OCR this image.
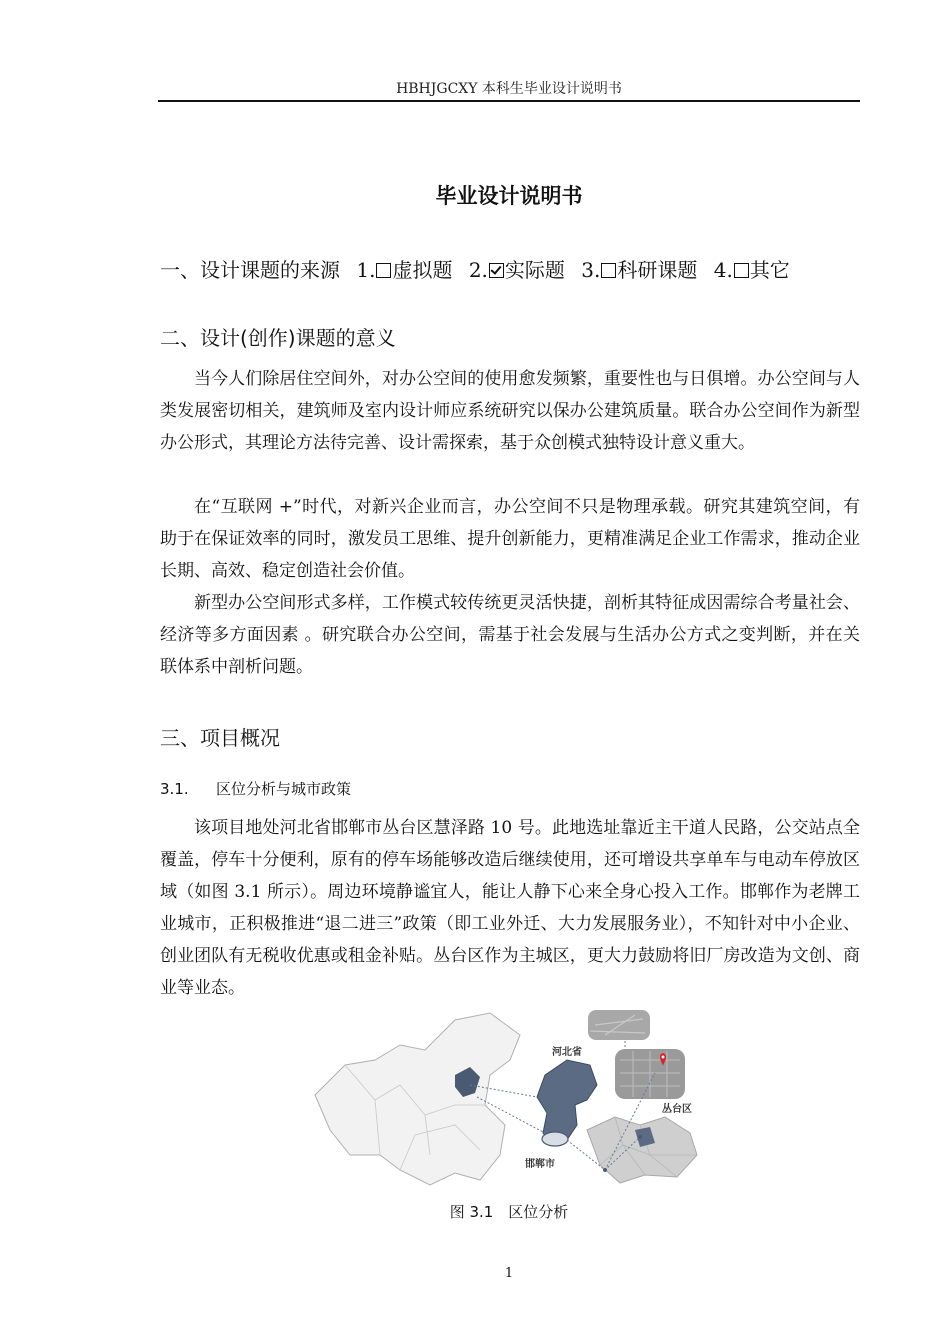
HBHJGCXY 本科生毕业设计说明书
毕业设计说明书
一、设计课题的来源 1. 虚拟题 2. 实际题 3. 科研课题 4. 其它
二、设计(创作)课题的意义

当今人们除居住空间外，对办公空间的使用愈发频繁，重要性也与日俱增。办公空间与人类发展密切相关，建筑师及室内设计师应系统研究以保办公建筑质量。联合办公空间作为新型办公形式，其理论方法待完善、设计需探索，基于众创模式独特设计意义重大。

在“互联网 +”时代，对新兴企业而言，办公空间不只是物理承载。研究其建筑空间，有助于在保证效率的同时，激发员工思维、提升创新能力，更精准满足企业工作需求，推动企业长期、高效、稳定创造社会价值。

新型办公空间形式多样，工作模式较传统更灵活快捷，剖析其特征成因需综合考量社会、经济等多方面因素 。研究联合办公空间，需基于社会发展与生活办公方式之变判断，并在关联体系中剖析问题。

三、项目概况
3.1. 区位分析与城市政策

该项目地处河北省邯郸市丛台区慧泽路 10 号。此地选址靠近主干道人民路，公交站点全覆盖，停车十分便利，原有的停车场能够改造后继续使用，还可增设共享单车与电动车停放区域（如图 3.1 所示）。周边环境静谧宜人，能让人静下心来全身心投入工作。邯郸作为老牌工业城市，正积极推进“退二进三”政策（即工业外迁、大力发展服务业），不知针对中小企业、创业团队有无税收优惠或租金补贴。丛台区作为主城区，更大力鼓励将旧厂房改造为文创、商业等业态。

河北省
邯郸市
丛台区
图 3.1　区位分析
1
